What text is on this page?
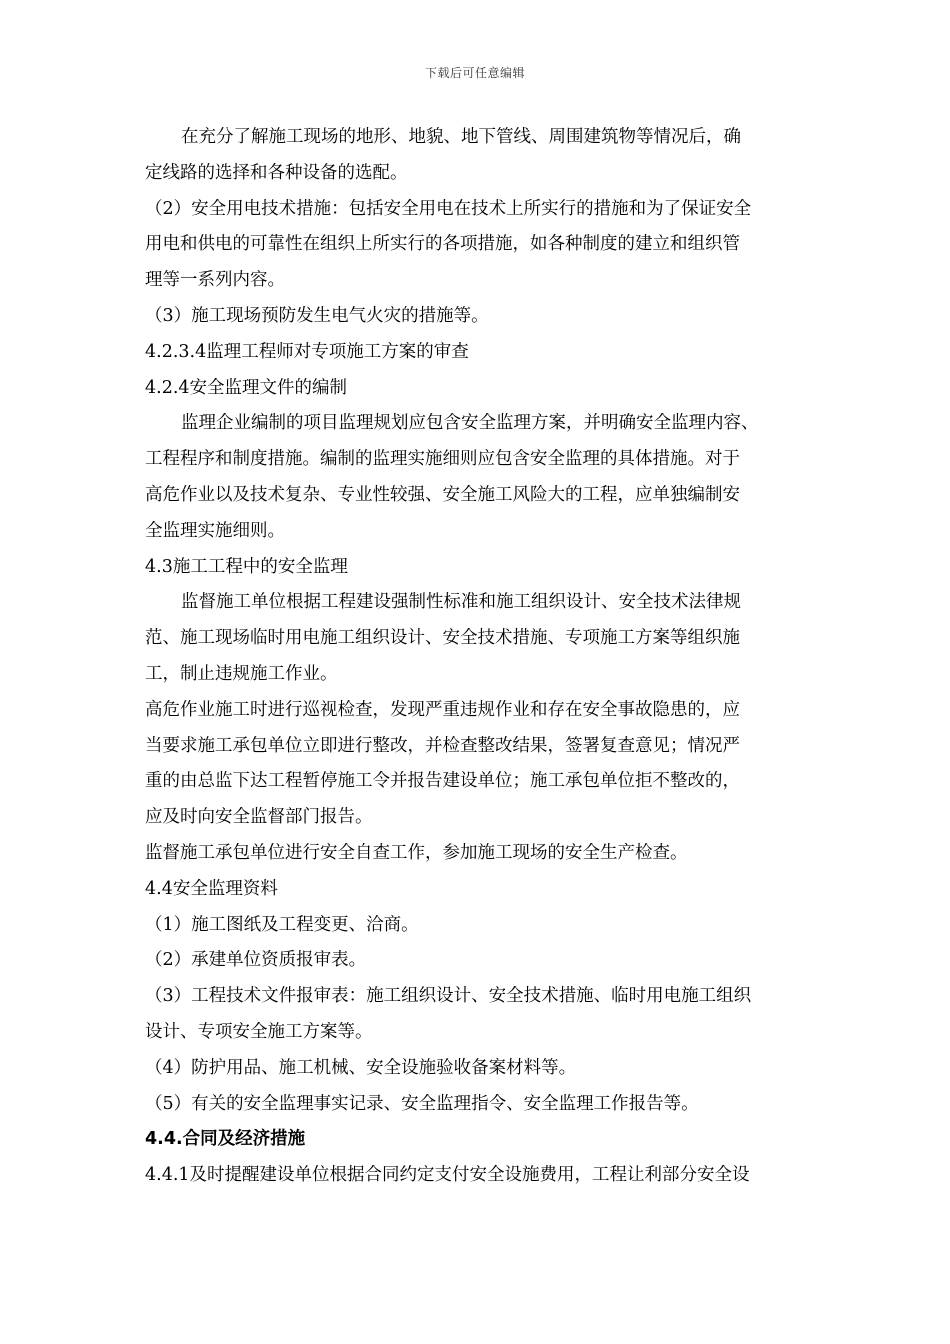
下载后可任意编辑
在充分了解施工现场的地形、地貌、地下管线、周围建筑物等情况后，确
定线路的选择和各种设备的选配。
（2）安全用电技术措施：包括安全用电在技术上所实行的措施和为了保证安全
用电和供电的可靠性在组织上所实行的各项措施，如各种制度的建立和组织管
理等一系列内容。
（3）施工现场预防发生电气火灾的措施等。
4.2.3.4监理工程师对专项施工方案的审查
4.2.4安全监理文件的编制
监理企业编制的项目监理规划应包含安全监理方案，并明确安全监理内容、
工程程序和制度措施。编制的监理实施细则应包含安全监理的具体措施。对于
高危作业以及技术复杂、专业性较强、安全施工风险大的工程，应单独编制安
全监理实施细则。
4.3施工工程中的安全监理
监督施工单位根据工程建设强制性标准和施工组织设计、安全技术法律规
范、施工现场临时用电施工组织设计、安全技术措施、专项施工方案等组织施
工，制止违规施工作业。
高危作业施工时进行巡视检查，发现严重违规作业和存在安全事故隐患的，应
当要求施工承包单位立即进行整改，并检查整改结果，签署复查意见；情况严
重的由总监下达工程暂停施工令并报告建设单位；施工承包单位拒不整改的，
应及时向安全监督部门报告。
监督施工承包单位进行安全自查工作，参加施工现场的安全生产检查。
4.4安全监理资料
（1）施工图纸及工程变更、洽商。
（2）承建单位资质报审表。
（3）工程技术文件报审表：施工组织设计、安全技术措施、临时用电施工组织
设计、专项安全施工方案等。
（4）防护用品、施工机械、安全设施验收备案材料等。
（5）有关的安全监理事实记录、安全监理指令、安全监理工作报告等。
4.4.合同及经济措施
4.4.1及时提醒建设单位根据合同约定支付安全设施费用，工程让利部分安全设
